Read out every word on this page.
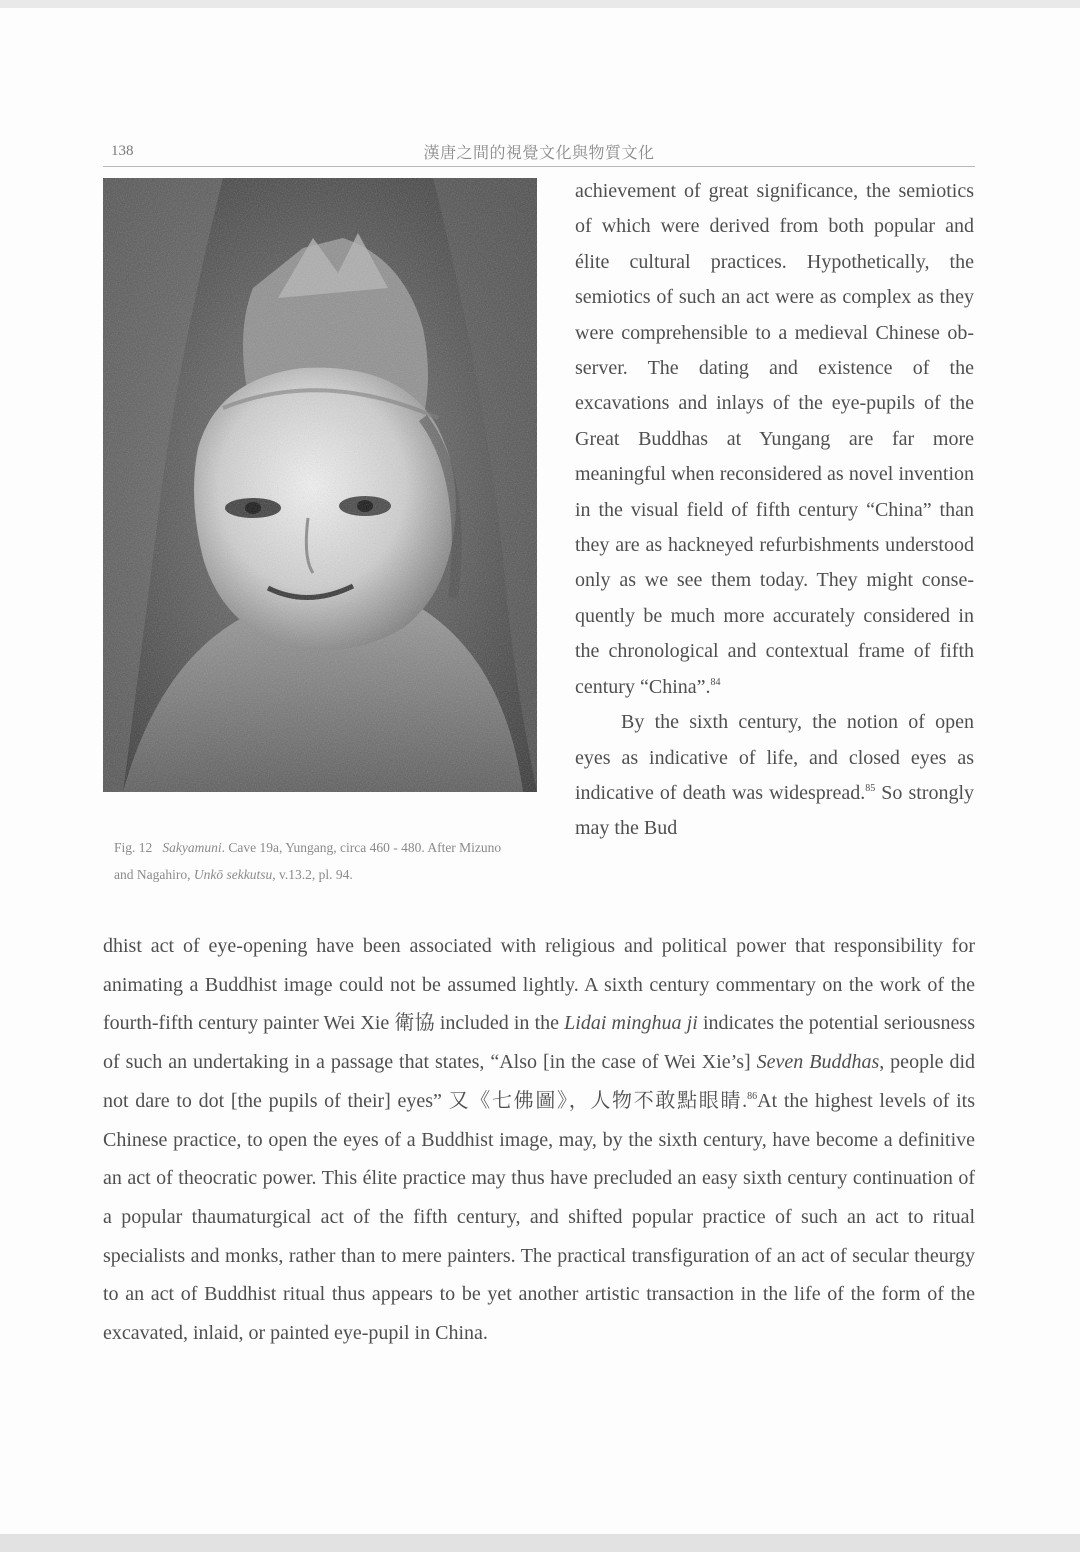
138	漢唐之間的視覺文化與物質文化
Fig. 12 Sakyamuni. Cave 19a, Yungang, circa 460 - 480. After Mizuno and Nagahiro, Unkō sekkutsu, v.13.2, pl. 94.

achievement of great significance, the semiotics of which were derived from both popular and élite cultural practices. Hypothetically, the semiotics of such an act were as complex as they were comprehensible to a medieval Chinese observer. The dating and existence of the excavations and inlays of the eye-pupils of the Great Buddhas at Yungang are far more meaningful when reconsidered as novel invention in the visual field of fifth century “China” than they are as hackneyed refurbishments understood only as we see them today. They might consequently be much more accurately considered in the chronological and contextual frame of fifth century “China”.$^{84}$

By the sixth century, the notion of open eyes as indicative of life, and closed eyes as indicative of death was widespread.$^{85}$ So strongly may the Bud

dhist act of eye-opening have been associated with religious and political power that responsibility for animating a Buddhist image could not be assumed lightly. A sixth century commentary on the work of the fourth-fifth century painter Wei Xie 衛協 included in the Lidai minghua ji indicates the potential seriousness of such an undertaking in a passage that states, “Also [in the case of Wei Xie’s] Seven Buddhas, people did not dare to dot [the pupils of their] eyes” 又《七佛圖》，人物不敢點眼睛.$^{86}$At the highest levels of its Chinese practice, to open the eyes of a Buddhist image, may, by the sixth century, have become a definitive an act of theocratic power. This élite practice may thus have precluded an easy sixth century continuation of a popular thaumaturgical act of the fifth century, and shifted popular practice of such an act to ritual specialists and monks, rather than to mere painters. The practical transfiguration of an act of secular theurgy to an act of Buddhist ritual thus appears to be yet another artistic transaction in the life of the form of the excavated, inlaid, or painted eye-pupil in China.
